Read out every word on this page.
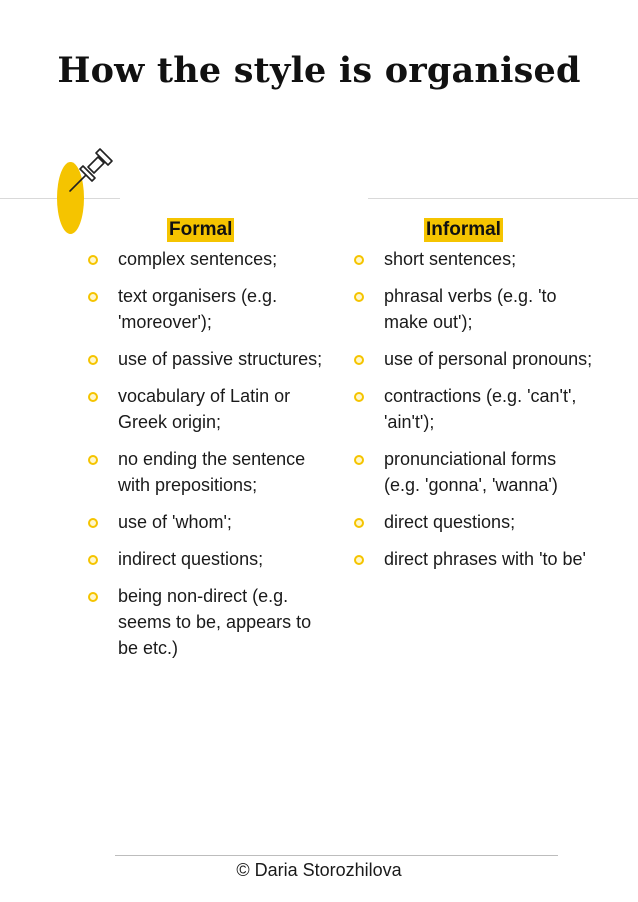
How the style is organised
Formal
complex sentences;
text organisers (e.g. 'moreover');
use of passive structures;
vocabulary of Latin or Greek origin;
no ending the sentence with prepositions;
use of 'whom';
indirect questions;
being non-direct (e.g. seems to be, appears to be etc.)
Informal
short sentences;
phrasal verbs (e.g. 'to make out');
use of personal pronouns;
contractions (e.g. 'can't', 'ain't');
pronunciational forms (e.g. 'gonna', 'wanna')
direct questions;
direct phrases with 'to be'
© Daria Storozhilova
